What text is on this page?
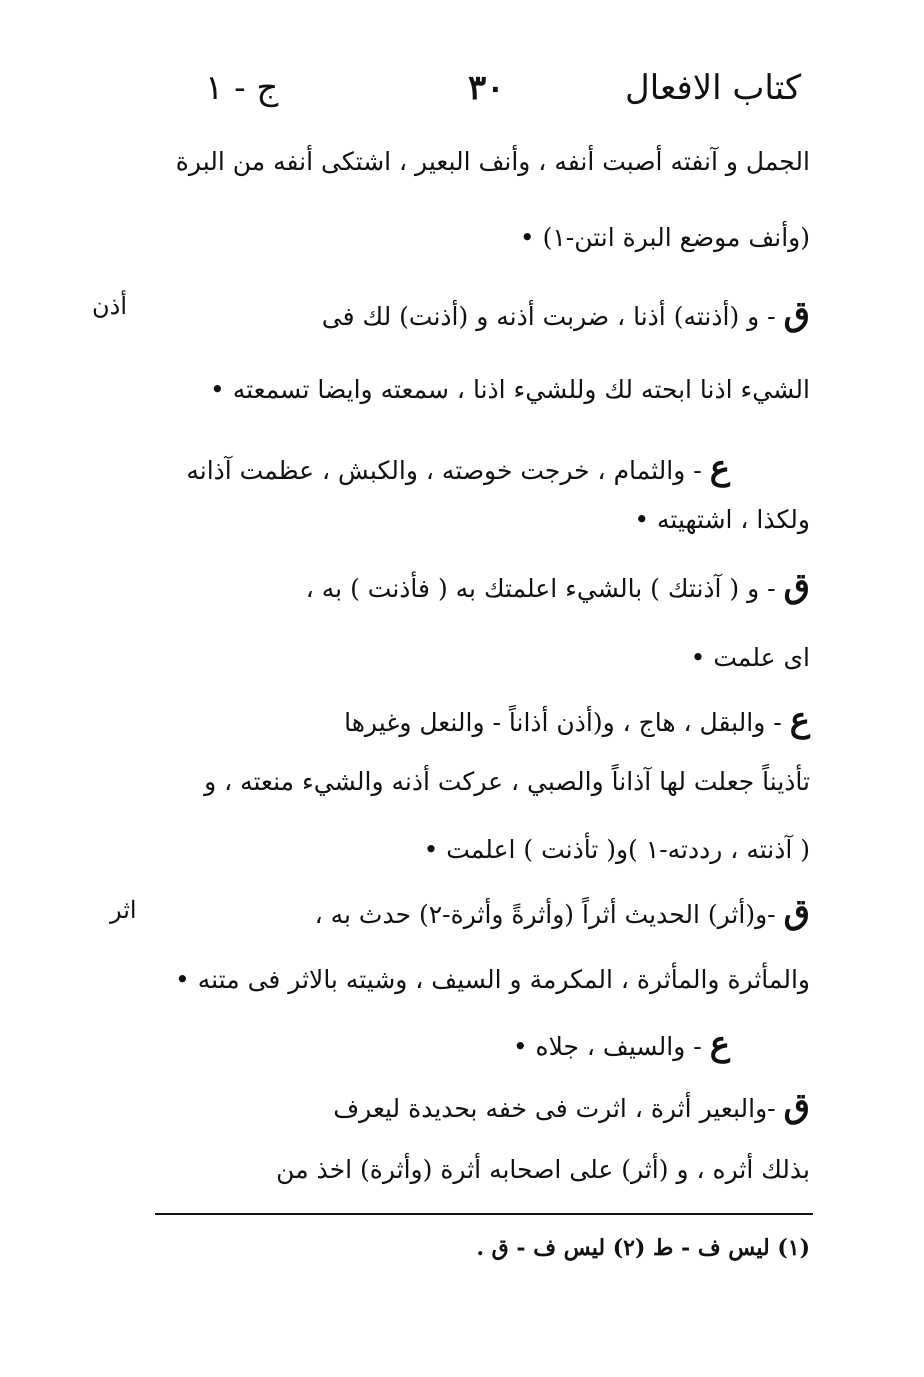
كتاب الافعال
٣٠
ج - ١
أذن
اثر
الجمل و آنفته أصبت أنفه ، وأنف البعير ، اشتكى أنفه من البرة
(وأنف موضع البرة انتن-١) •
ق- و (أذنته) أذنا ، ضربت أذنه و (أذنت) لك فى
الشيء اذنا ابحته لك وللشيء اذنا ، سمعته وايضا تسمعته •
ع- والثمام ، خرجت خوصته ، والكبش ، عظمت آذانه
ولكذا ، اشتهيته •
ق- و ( آذنتك ) بالشيء اعلمتك به ( فأذنت ) به ،
اى علمت •
ع- والبقل ، هاج ، و(أذن أذاناً - والنعل وغيرها
تأذيناً جعلت لها آذاناً والصبي ، عركت أذنه والشيء منعته ، و
( آذنته ، رددته-١ )و( تأذنت ) اعلمت •
ق-و(أثر) الحديث أثراً (وأثرةً وأثرة-٢) حدث به ،
والمأثرة والمأثرة ، المكرمة و السيف ، وشيته بالاثر فى متنه •
ع- والسيف ، جلاه •
ق-والبعير أثرة ، اثرت فى خفه بحديدة ليعرف
بذلك أثره ، و (أثر) على اصحابه أثرة (وأثرة) اخذ من
(١) ليس ف - ط (٢) ليس ف - ق .
